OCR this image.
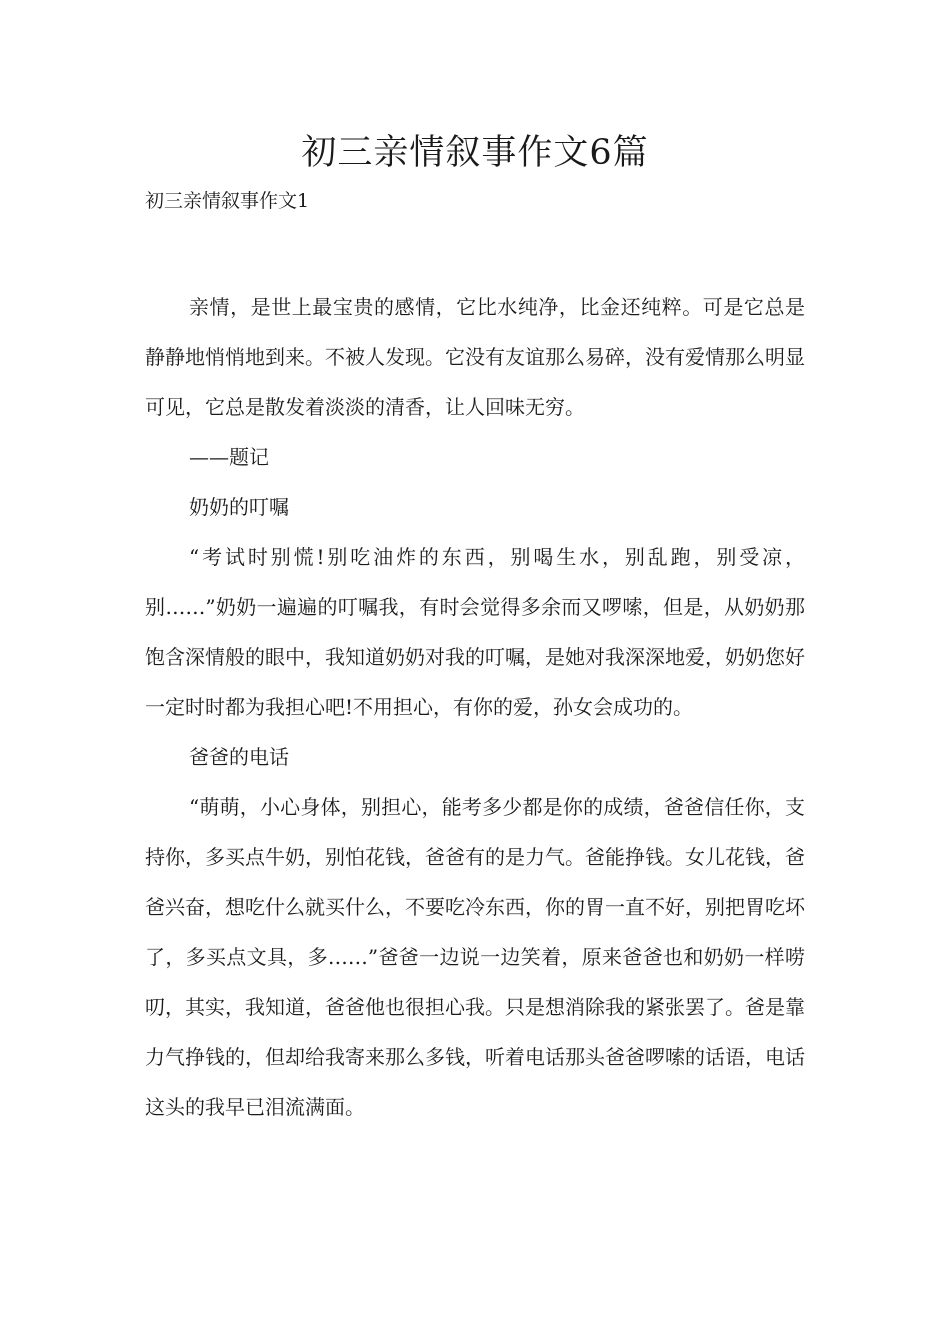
初三亲情叙事作文6篇
初三亲情叙事作文1

亲情，是世上最宝贵的感情，它比水纯净，比金还纯粹。可是它总是静静地悄悄地到来。不被人发现。它没有友谊那么易碎，没有爱情那么明显可见，它总是散发着淡淡的清香，让人回味无穷。

——题记

奶奶的叮嘱

“考试时别慌!别吃油炸的东西，别喝生水，别乱跑，别受凉，别……”奶奶一遍遍的叮嘱我，有时会觉得多余而又啰嗦，但是，从奶奶那饱含深情般的眼中，我知道奶奶对我的叮嘱，是她对我深深地爱，奶奶您好一定时时都为我担心吧!不用担心，有你的爱，孙女会成功的。

爸爸的电话

“萌萌，小心身体，别担心，能考多少都是你的成绩，爸爸信任你，支持你，多买点牛奶，别怕花钱，爸爸有的是力气。爸能挣钱。女儿花钱，爸爸兴奋，想吃什么就买什么，不要吃冷东西，你的胃一直不好，别把胃吃坏了，多买点文具，多……”爸爸一边说一边笑着，原来爸爸也和奶奶一样唠叨，其实，我知道，爸爸他也很担心我。只是想消除我的紧张罢了。爸是靠力气挣钱的，但却给我寄来那么多钱，听着电话那头爸爸啰嗦的话语，电话这头的我早已泪流满面。
